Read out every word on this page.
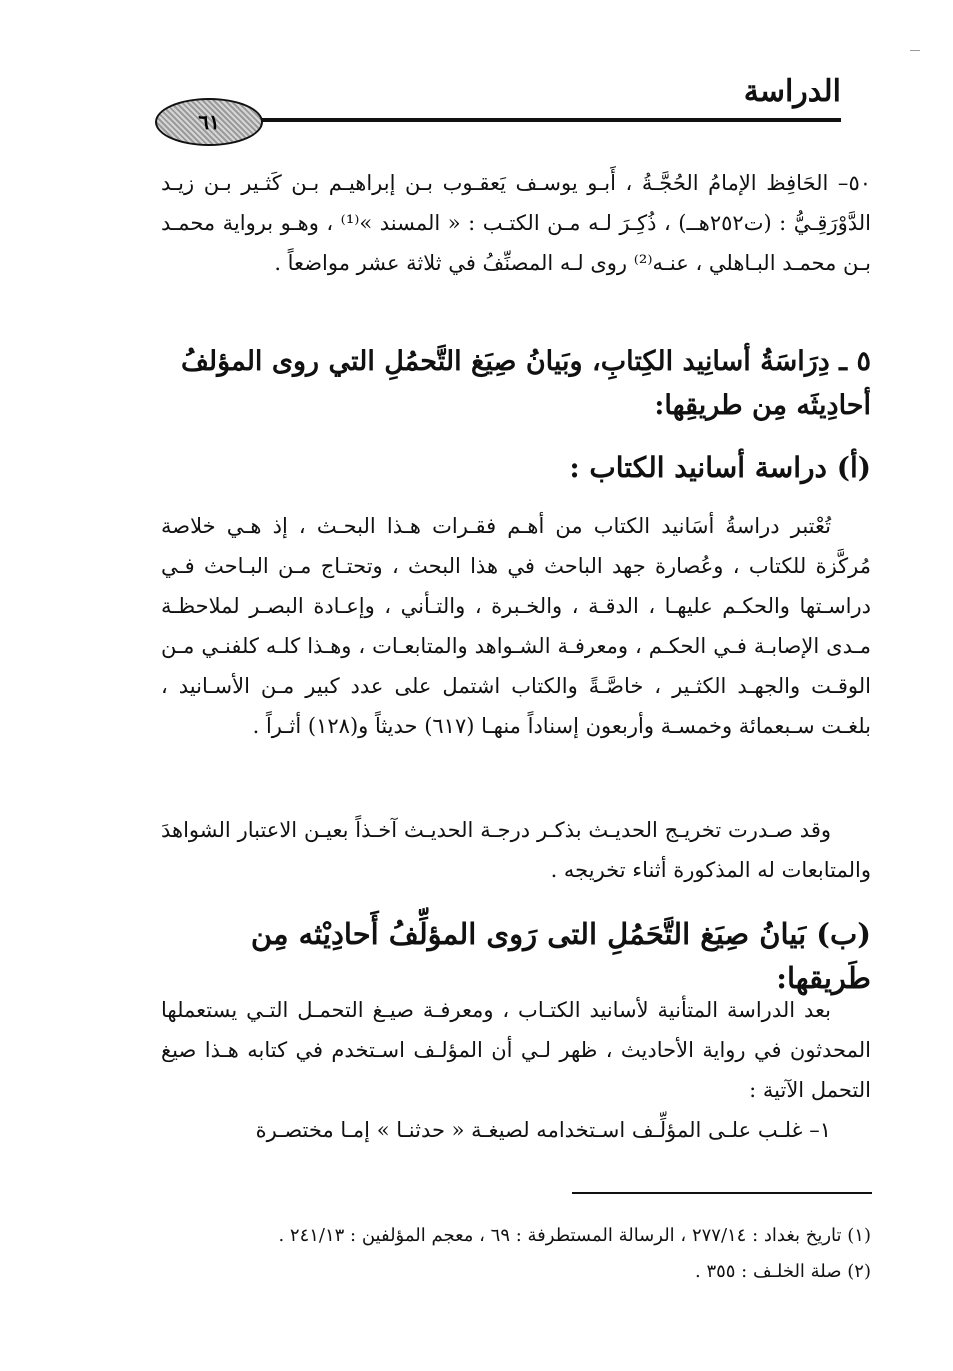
الدراسة
٦١

٥٠– الحَافِظ الإمامُ الحُجَّـةُ ، أَبـو يوسـف يَعقـوب بـن إبراهيـم بـن كَثـير بـن زيـد الدَّوْرَقِـيُّ : (ت٢٥٢هــ) ، ذُكِـرَ لـه مـن الكتـب : « المسند »⁽¹⁾ ، وهـو برواية محمـد بـن محمـد البـاهلي ، عنـه⁽²⁾ روى لـه المصنِّفُ في ثلاثة عشر مواضعاً .

٥ ـ دِرَاسَةُ أسانِيد الكِتابِ، وبَيانُ صِيَغ التَّحمُلِ التي روى المؤلفُ أحادِيثَه مِن طريقِها:
(أ) دراسة أسانيد الكتاب :

تُعْتبر دراسةُ أسَانيد الكتاب من أهـم فقـرات هـذا البحـث ، إذ هـي خلاصة مُركَّزة للكتاب ، وعُصارة جهد الباحث في هذا البحث ، وتحتـاج مـن البـاحث فـي دراسـتها والحكـم عليهـا ، الدقـة ، والخـبرة ، والتـأني ، وإعـادة البصـر لملاحظـة مـدى الإصابـة فـي الحكـم ، ومعرفـة الشـواهد والمتابعـات ، وهـذا كلـه كلفنـي مـن الوقـت والجهـد الكثـير ، خاصَّـةً والكتاب اشتمل على عدد كبير مـن الأسـانيد ، بلغـت سـبعمائة وخمسـة وأربعون إسناداً منهـا (٦١٧) حديثاً و(١٢٨) أثـراً .

وقد صـدرت تخريـج الحديـث بذكـر درجـة الحديـث آخـذاً بعيـن الاعتبار الشواهدَ والمتابعات له المذكورة أثناء تخريجه .

(ب) بَيانُ صِيَغ التَّحَمُلِ التى رَوى المؤلِّفُ أَحادِيْثه مِن طَريقها:

بعد الدراسة المتأنية لأسانيد الكتـاب ، ومعرفـة صيـغ التحمـل التـي يستعملها المحدثون في رواية الأحاديث ، ظهر لـي أن المؤلـف اسـتخدم في كتابه هـذا صيغ التحمل الآتية :

١– غلـب علـى المؤلِّـف اسـتخدامه لصيغـة « حدثنـا » إمـا مختصـرة

(١) تاريخ بغداد : ٢٧٧/١٤ ، الرسالة المستطرفة : ٦٩ ، معجم المؤلفين : ٢٤١/١٣ .

(٢) صلة الخلـف : ٣٥٥ .
